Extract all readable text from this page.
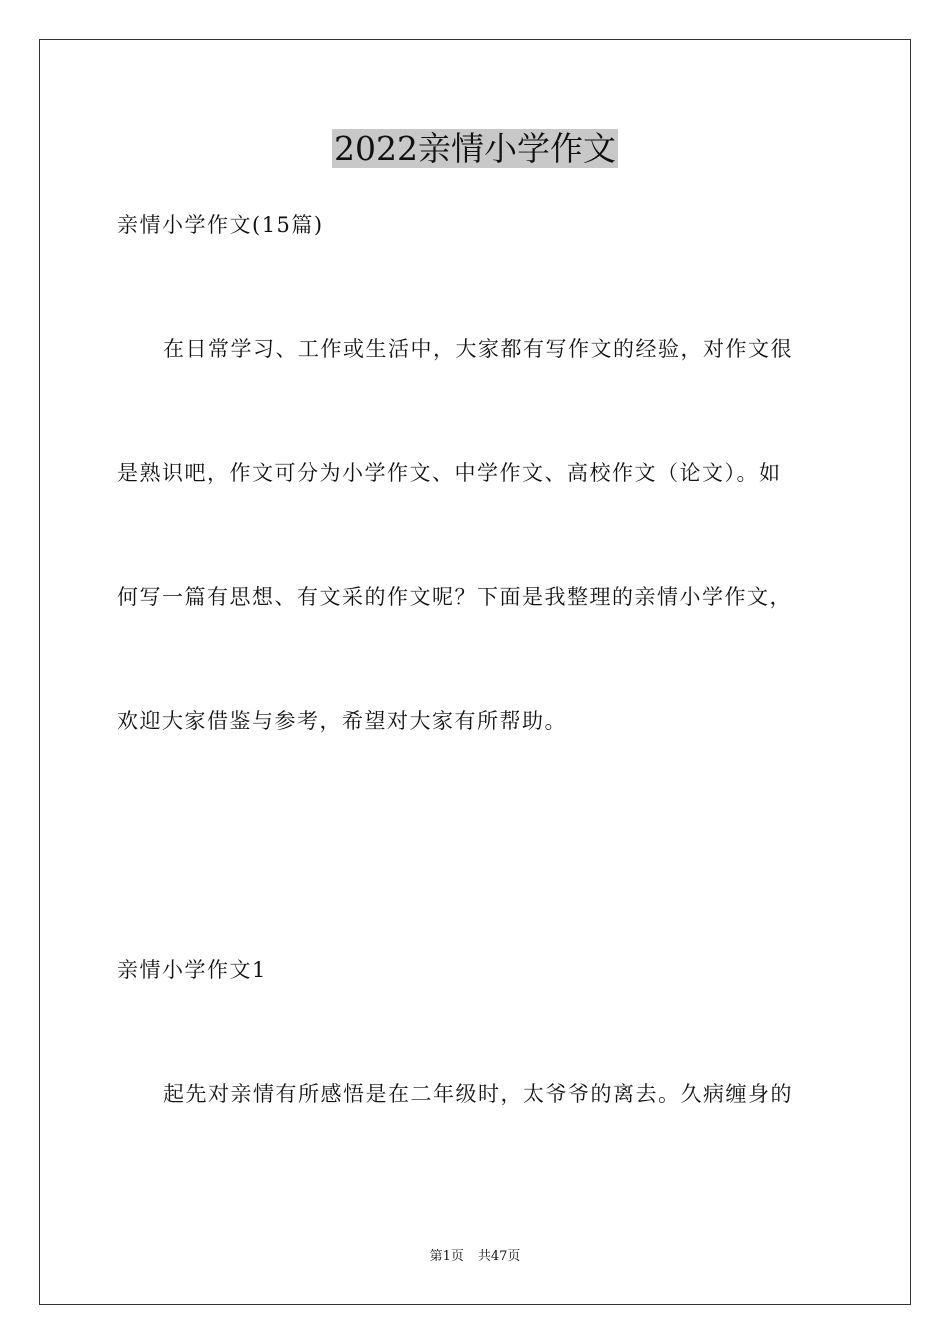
2022亲情小学作文

亲情小学作文(15篇)

在日常学习、工作或生活中，大家都有写作文的经验，对作文很

是熟识吧，作文可分为小学作文、中学作文、高校作文（论文）。如

何写一篇有思想、有文采的作文呢？下面是我整理的亲情小学作文，

欢迎大家借鉴与参考，希望对大家有所帮助。

亲情小学作文1

起先对亲情有所感悟是在二年级时，太爷爷的离去。久病缠身的

第1页 共47页
